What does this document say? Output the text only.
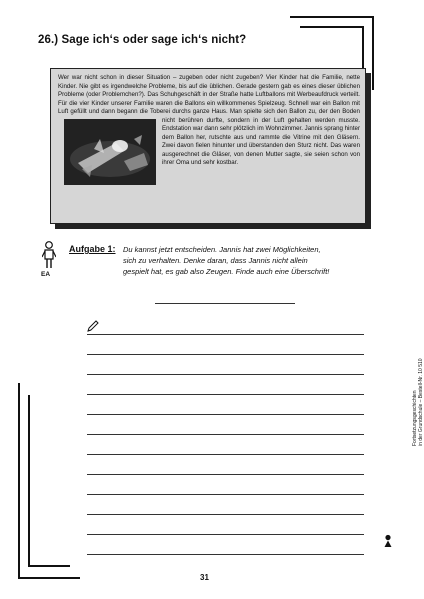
26.) Sage ich‘s oder sage ich‘s nicht?
Wer war nicht schon in dieser Situation – zugeben oder nicht zugeben? Vier Kinder hat die Familie, nette Kinder. Nie gibt es irgendwelche Probleme, bis auf die üblichen. Gerade gestern gab es eines dieser üblichen Probleme (oder Problemchen?). Das Schuhgeschäft in der Straße hatte Luftballons mit Werbeaufdruck verteilt. Für die vier Kinder unserer Familie waren die Ballons ein willkommenes Spielzeug. Schnell war ein Ballon mit Luft gefüllt und dann begann die Toberei durchs ganze Haus. Man spielte sich den Ballon zu, der den Boden nicht berühren durfte, sondern in der Luft gehalten werden musste. Endstation war dann sehr plötzlich im Wohnzimmer. Jannis sprang hinter dem Ballon her, rutschte aus und rammte die Vitrine mit den Gläsern. Zwei davon fielen hinunter und überstanden den Sturz nicht. Das waren ausgerechnet die Gläser, von denen Mutter sagte, sie seien schon von ihrer Oma und sehr kostbar.
EA
Aufgabe 1: Du kannst jetzt entscheiden. Jannis hat zwei Möglichkeiten,
sich zu verhalten. Denke daran, dass Jannis nicht allein
gespielt hat, es gab also Zeugen. Finde auch eine Überschrift!
Fortsetzungsgeschichten in der Grundschule – Bestell-Nr. 10 510
31
